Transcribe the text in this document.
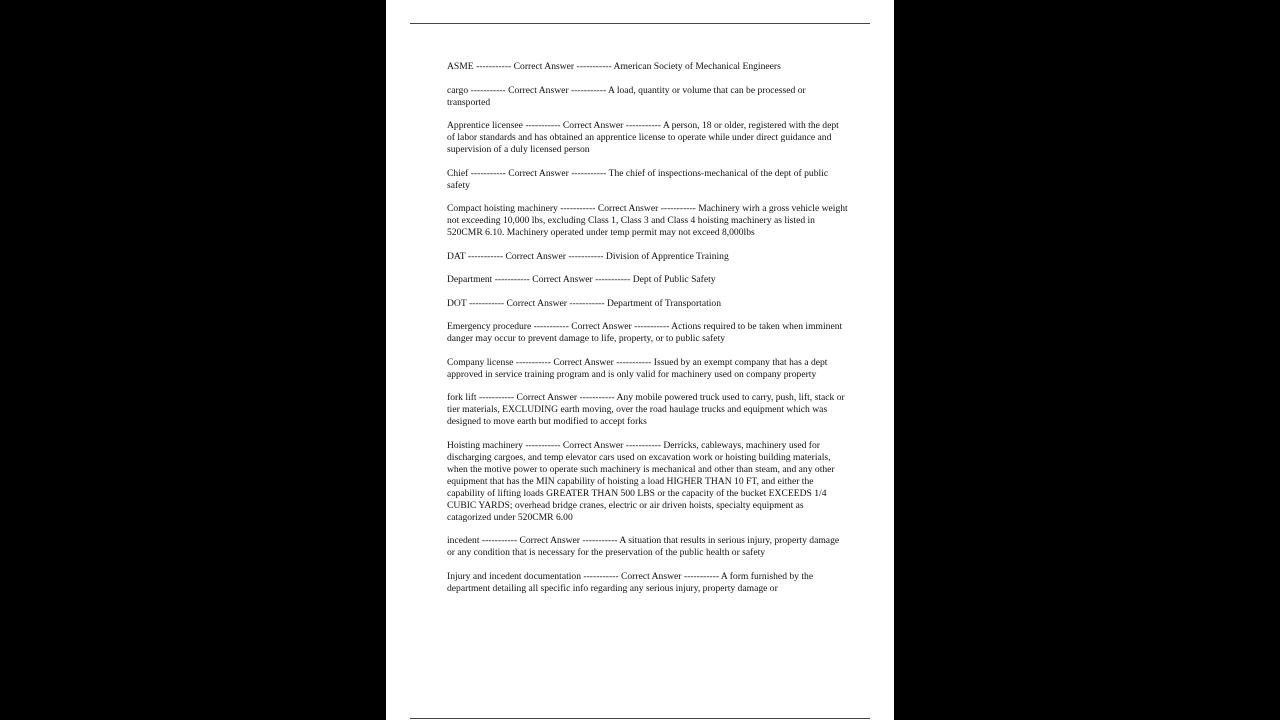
ASME ----------- Correct Answer ----------- American Society of Mechanical Engineers

cargo ----------- Correct Answer ----------- A load, quantity or volume that can be processed or transported

Apprentice licensee ----------- Correct Answer ----------- A person, 18 or older, registered with the dept of labor standards and has obtained an apprentice license to operate while under direct guidance and supervision of a duly licensed person

Chief ----------- Correct Answer ----------- The chief of inspections-mechanical of the dept of public safety

Compact hoisting machinery ----------- Correct Answer ----------- Machinery wirh a gross vehicle weight not exceeding 10,000 lbs, excluding Class 1, Class 3 and Class 4 hoisting machinery as listed in 520CMR 6.10. Machinery operated under temp permit may not exceed 8,000lbs

DAT ----------- Correct Answer ----------- Division of Apprentice Training

Department ----------- Correct Answer ----------- Dept of Public Safety

DOT ----------- Correct Answer ----------- Department of Transportation

Emergency procedure ----------- Correct Answer ----------- Actions required to be taken when imminent danger may occur to prevent damage to life, property, or to public safety

Company license ----------- Correct Answer ----------- Issued by an exempt company that has a dept approved in service training program and is only valid for machinery used on company property

fork lift ----------- Correct Answer ----------- Any mobile powered truck used to carry, push, lift, stack or tier materials, EXCLUDING earth moving, over the road haulage trucks and equipment which was designed to move earth but modified to accept forks

Hoisting machinery ----------- Correct Answer ----------- Derricks, cableways, machinery used for discharging cargoes, and temp elevator cars used on excavation work or hoisting building materials, when the motive power to operate such machinery is mechanical and other than steam, and any other equipment that has the MIN capability of hoisting a load HIGHER THAN 10 FT, and either the capability of lifting loads GREATER THAN 500 LBS or the capacity of the bucket EXCEEDS 1/4 CUBIC YARDS; overhead bridge cranes, electric or air driven hoists, specialty equipment as catagorized under 520CMR 6.00

incedent ----------- Correct Answer ----------- A situation that results in serious injury, property damage or any condition that is necessary for the preservation of the public health or safety

Injury and incedent documentation ----------- Correct Answer ----------- A form furnished by the department detailing all specific info regarding any serious injury, property damage or
